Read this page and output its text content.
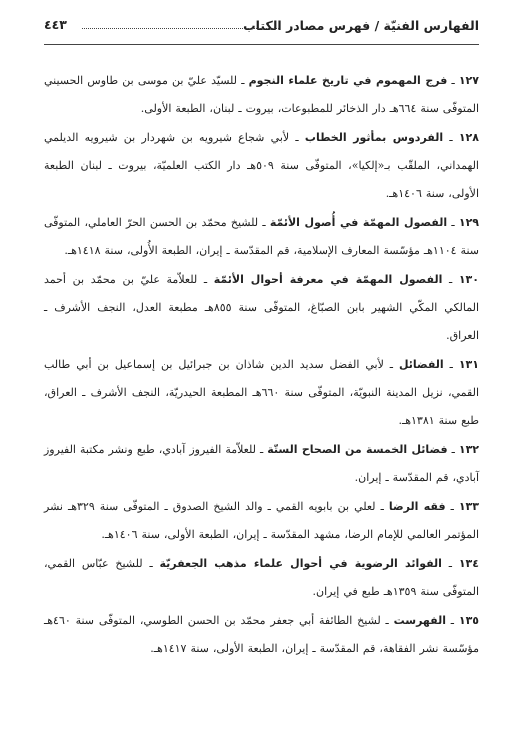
الفهارس الفنيّة / فهرس مصادر الكتاب
٤٤٣

١٢٧ ـ فرج المهموم في تاريخ علماء النجوم ـ للسيّد عليّ بن موسى بن طاوس الحسيني المتوفّى سنة ٦٦٤هـ دار الذخائر للمطبوعات، بيروت ـ لبنان، الطبعة الأولى.

١٢٨ ـ الفردوس بمأثور الخطاب ـ لأبي شجاع شيرويه بن شهردار بن شيرويه الديلمي الهمداني، الملقّب بـ«إلكيا»، المتوفّى سنة ٥٠٩هـ دار الكتب العلميّة، بيروت ـ لبنان الطبعة الأولى، سنة ١٤٠٦هـ.

١٢٩ ـ الفصول المهمّة في أُصول الأئمّة ـ للشيخ محمّد بن الحسن الحرّ العاملي، المتوفّى سنة ١١٠٤هـ مؤسّسة المعارف الإسلامية، قم المقدّسة ـ إيران، الطبعة الأُولى، سنة ١٤١٨هـ.

١٣٠ ـ الفصول المهمّة في معرفة أحوال الأئمّة ـ للعلاّمة عليّ بن محمّد بن أحمد المالكي المكّي الشهير بابن الصبّاغ، المتوفّى سنة ٨٥٥هـ مطبعة العدل، النجف الأشرف ـ العراق.

١٣١ ـ الفضائل ـ لأبي الفضل سديد الدين شاذان بن جبرائيل بن إسماعيل بن أبي طالب القمي، نزيل المدينة النبويّة، المتوفّى سنة ٦٦٠هـ المطبعة الحيدريّة، النجف الأشرف ـ العراق، طبع سنة ١٣٨١هـ.

١٣٢ ـ فضائل الخمسة من الصحاح الستّة ـ للعلاّمة الفيروز آبادي، طبع ونشر مكتبة الفيروز آبادي، قم المقدّسة ـ إيران.

١٣٣ ـ فقه الرضا ـ لعلي بن بابويه القمي ـ والد الشيخ الصدوق ـ المتوفّى سنة ٣٢٩هـ نشر المؤتمر العالمي للإمام الرضا، مشهد المقدّسة ـ إيران، الطبعة الأولى، سنة ١٤٠٦هـ.

١٣٤ ـ الفوائد الرضوية في أحوال علماء مذهب الجعفريّة ـ للشيخ عبّاس القمي، المتوفّى سنة ١٣٥٩هـ طبع في إيران.

١٣٥ ـ الفهرست ـ لشيخ الطائفة أبي جعفر محمّد بن الحسن الطوسي، المتوفّى سنة ٤٦٠هـ مؤسّسة نشر الفقاهة، قم المقدّسة ـ إيران، الطبعة الأولى، سنة ١٤١٧هـ.
